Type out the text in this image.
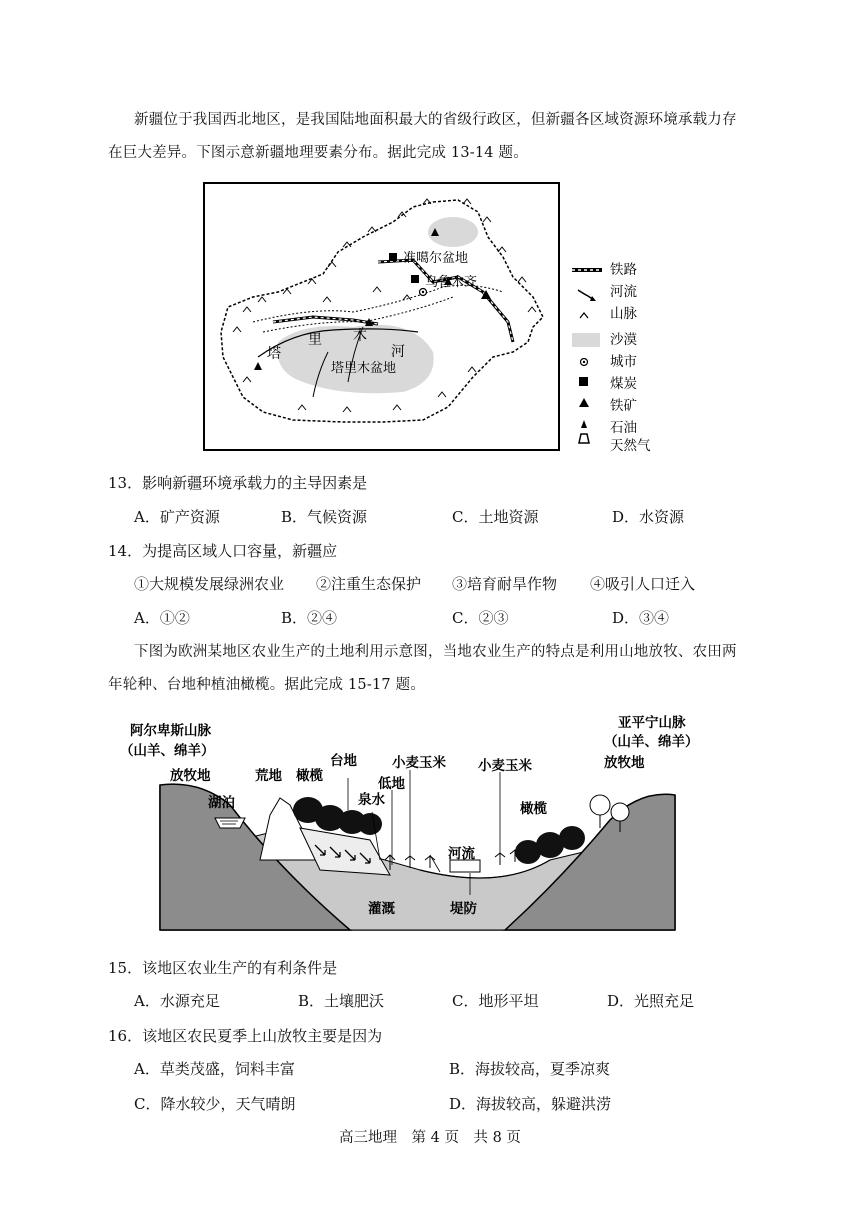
新疆位于我国西北地区，是我国陆地面积最大的省级行政区，但新疆各区域资源环境承载力存
在巨大差异。下图示意新疆地理要素分布。据此完成 13-14 题。
准噶尔盆地
乌鲁木齐
塔
里 木
河
塔里木盆地
铁路
河流
山脉
沙漠
城市
煤炭
铁矿
石油
天然气
13．影响新疆环境承载力的主导因素是
A．矿产资源	B．气候资源	C．土地资源	D．水资源
14．为提高区域人口容量，新疆应
①大规模发展绿洲农业 ②注重生态保护 ③培育耐旱作物 ④吸引人口迁入
A．①②	B．②④	C．②③	D．③④
下图为欧洲某地区农业生产的土地利用示意图，当地农业生产的特点是利用山地放牧、农田两
年轮种、台地种植油橄榄。据此完成 15-17 题。
阿尔卑斯山脉
（山羊、绵羊）
放牧地
湖泊
荒地 橄榄
台地
泉水
低地
小麦玉米
河流
小麦玉米
橄榄
亚平宁山脉
（山羊、绵羊）
放牧地
灌溉	堤防
15．该地区农业生产的有利条件是
A．水源充足	B．土壤肥沃	C．地形平坦	D．光照充足
16．该地区农民夏季上山放牧主要是因为
A．草类茂盛，饲料丰富	B．海拔较高，夏季凉爽
C．降水较少，天气晴朗	D．海拔较高，躲避洪涝
高三地理　第 4 页　共 8 页
